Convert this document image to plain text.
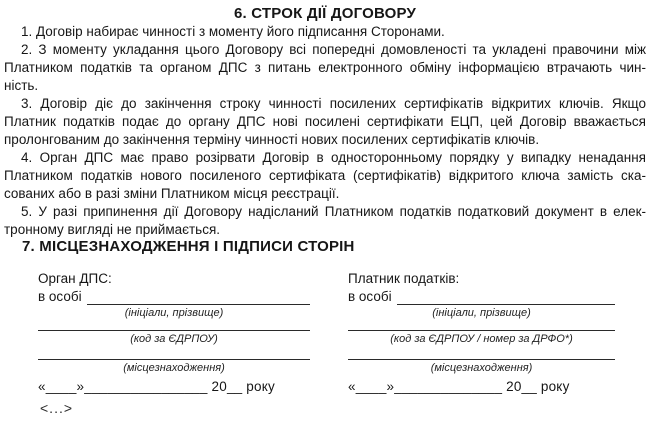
6. СТРОК ДІЇ ДОГОВОРУ
1. Договір набирає чинності з моменту його підписання Сторонами.
2. З моменту укладання цього Договору всі попередні домовленості та укладені правочини між
Платником податків та органом ДПС з питань електронного обміну інформацією втрачають чин-
ність.
3. Договір діє до закінчення строку чинності посилених сертифікатів відкритих ключів. Якщо
Платник податків подає до органу ДПС нові посилені сертифікати ЕЦП, цей Договір вважається
пролонгованим до закінчення терміну чинності нових посилених сертифікатів ключів.
4. Орган ДПС має право розірвати Договір в односторонньому порядку у випадку ненадання
Платником податків нового посиленого сертифіката (сертифікатів) відкритого ключа замість ска-
сованих або в разі зміни Платником місця реєстрації.
5. У разі припинення дії Договору надісланий Платником податків податковий документ в елек-
тронному вигляді не приймається.
7. МІСЦЕЗНАХОДЖЕННЯ І ПІДПИСИ СТОРІН
Орган ДПС:
в особі
(ініціали, прізвище)
(код за ЄДРПОУ)
(місцезнаходження)
«____»________________ 20__ року
Платник податків:
в особі
(ініціали, прізвище)
(код за ЄДРПОУ / номер за ДРФО*)
(місцезнаходження)
«____»______________ 20__ року
<...>
